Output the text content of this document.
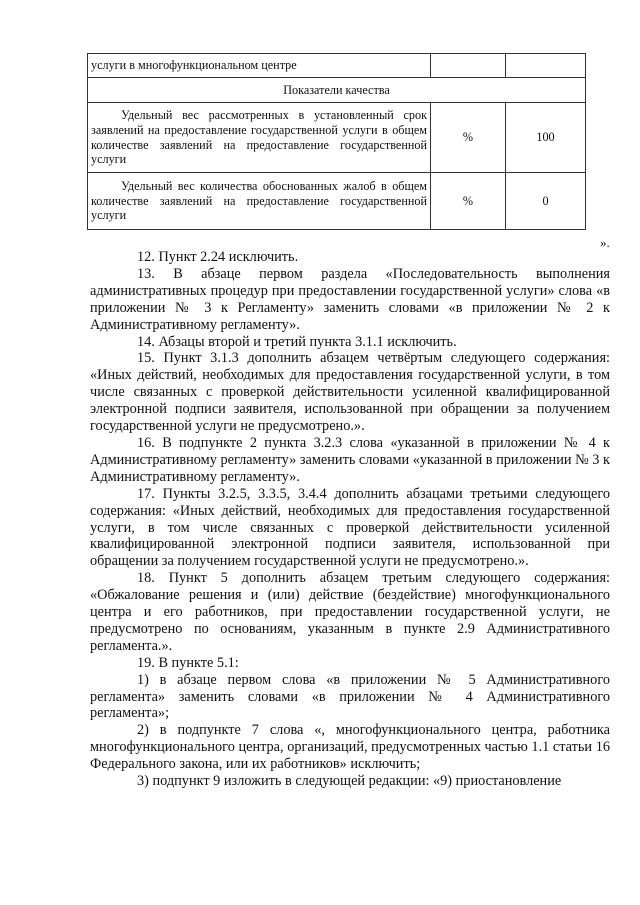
услуги в многофункциональном центре		
Показатели качества		
Удельный вес рассмотренных в установленный срок заявлений на предоставление государственной услуги в общем количестве заявлений на предоставление государственной услуги	%	100
Удельный вес количества обоснованных жалоб в общем количестве заявлений на предоставление государственной услуги	%	0
».

12. Пункт 2.24 исключить.

13. В абзаце первом раздела «Последовательность выполнения административных процедур при предоставлении государственной услуги» слова «в приложении № 3 к Регламенту» заменить словами «в приложении № 2 к Административному регламенту».

14. Абзацы второй и третий пункта 3.1.1 исключить.

15. Пункт 3.1.3 дополнить абзацем четвёртым следующего содержания: «Иных действий, необходимых для предоставления государственной услуги, в том числе связанных с проверкой действительности усиленной квалифицированной электронной подписи заявителя, использованной при обращении за получением государственной услуги не предусмотрено.».

16. В подпункте 2 пункта 3.2.3 слова «указанной в приложении № 4 к Административному регламенту» заменить словами «указанной в приложении № 3 к Административному регламенту».

17. Пункты 3.2.5, 3.3.5, 3.4.4 дополнить абзацами третьими следующего содержания: «Иных действий, необходимых для предоставления государственной услуги, в том числе связанных с проверкой действительности усиленной квалифицированной электронной подписи заявителя, использованной при обращении за получением государственной услуги не предусмотрено.».

18. Пункт 5 дополнить абзацем третьим следующего содержания: «Обжалование решения и (или) действие (бездействие) многофункционального центра и его работников, при предоставлении государственной услуги, не предусмотрено по основаниям, указанным в пункте 2.9 Административного регламента.».

19. В пункте 5.1:

1) в абзаце первом слова «в приложении № 5 Административного регламента» заменить словами «в приложении № 4 Административного регламента»;

2) в подпункте 7 слова «, многофункционального центра, работника многофункционального центра, организаций, предусмотренных частью 1.1 статьи 16 Федерального закона, или их работников» исключить;

3) подпункт 9 изложить в следующей редакции: «9) приостановление
